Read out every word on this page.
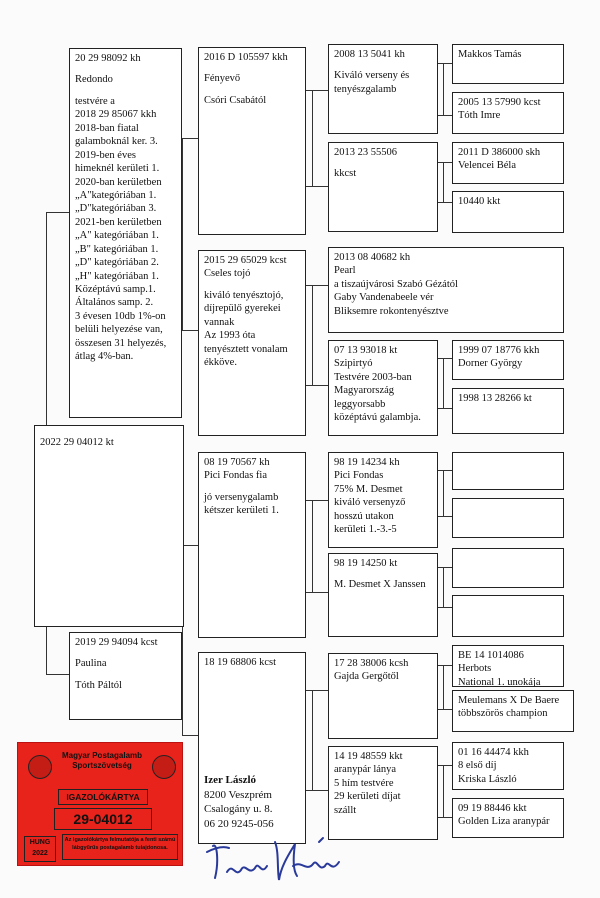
2022 29 04012 kt
20 29 98092 kh
Redondo
testvére a
2018 29 85067 kkh
2018-ban fiatal
galamboknál ker. 3.
2019-ben éves
himeknél kerületi 1.
2020-ban kerületben
„A"kategóriában 1.
„D"kategóriában 3.
2021-ben kerületben
„A" kategóriában 1.
„B" kategóriában 1.
„D" kategóriában 2.
„H" kategóriában 1.
Középtávú samp.1.
Általános samp. 2.
3 évesen 10db 1%-on
belüli helyezése van,
összesen 31 helyezés,
átlag 4%-ban.
2019 29 94094 kcst
Paulina
Tóth Páltól
2016 D 105597 kkh
Fényevő
Csóri Csabától
2015 29 65029 kcst
Cseles tojó
kiváló tenyésztojó,
díjrepülő gyerekei
vannak
Az 1993 óta
tenyésztett vonalam
ékköve.
08 19 70567 kh
Pici Fondas fia
jó versenygalamb
kétszer kerületi 1.
18 19 68806 kcst
2008 13 5041 kh
Kiváló verseny és
tenyészgalamb
2013 23 55506
kkcst
2013 08 40682 kh
Pearl
a tiszaújvárosi Szabó Gézától
Gaby Vandenabeele vér
Bliksemre rokontenyésztve
07 13 93018 kt
Szipirtyó
Testvére 2003-ban
Magyarország
leggyorsabb
középtávú galambja.
98 19 14234 kh
Pici Fondas
75% M. Desmet
kiváló versenyző
hosszú utakon
kerületi 1.-3.-5
98 19 14250 kt
M. Desmet X Janssen
17 28 38006 kcsh
Gajda Gergőtől
14 19 48559 kkt
aranypár lánya
5 hím testvére
29 kerületi díjat
szállt
Makkos Tamás
2005 13 57990 kcst
Tóth Imre
2011 D 386000 skh
Velencei Béla
10440 kkt
1999 07 18776 kkh
Dorner György
1998 13 28266 kt
BE 14 1014086
Herbots
National 1. unokája
Meulemans X De Baere
többszörös champion
01 16 44474 kkh
8 első díj
Kriska László
09 19 88446 kkt
Golden Liza aranypár
Magyar Postagalamb Sportszövetség
IGAZOLÓKÁRTYA
29-04012
HUNG
2022
Az igazolókártya felmutatója a fenti számú lábgyűrűs postagalamb tulajdonosa.
Izer László
8200 Veszprém
Csalogány u. 8.
06 20 9245-056
